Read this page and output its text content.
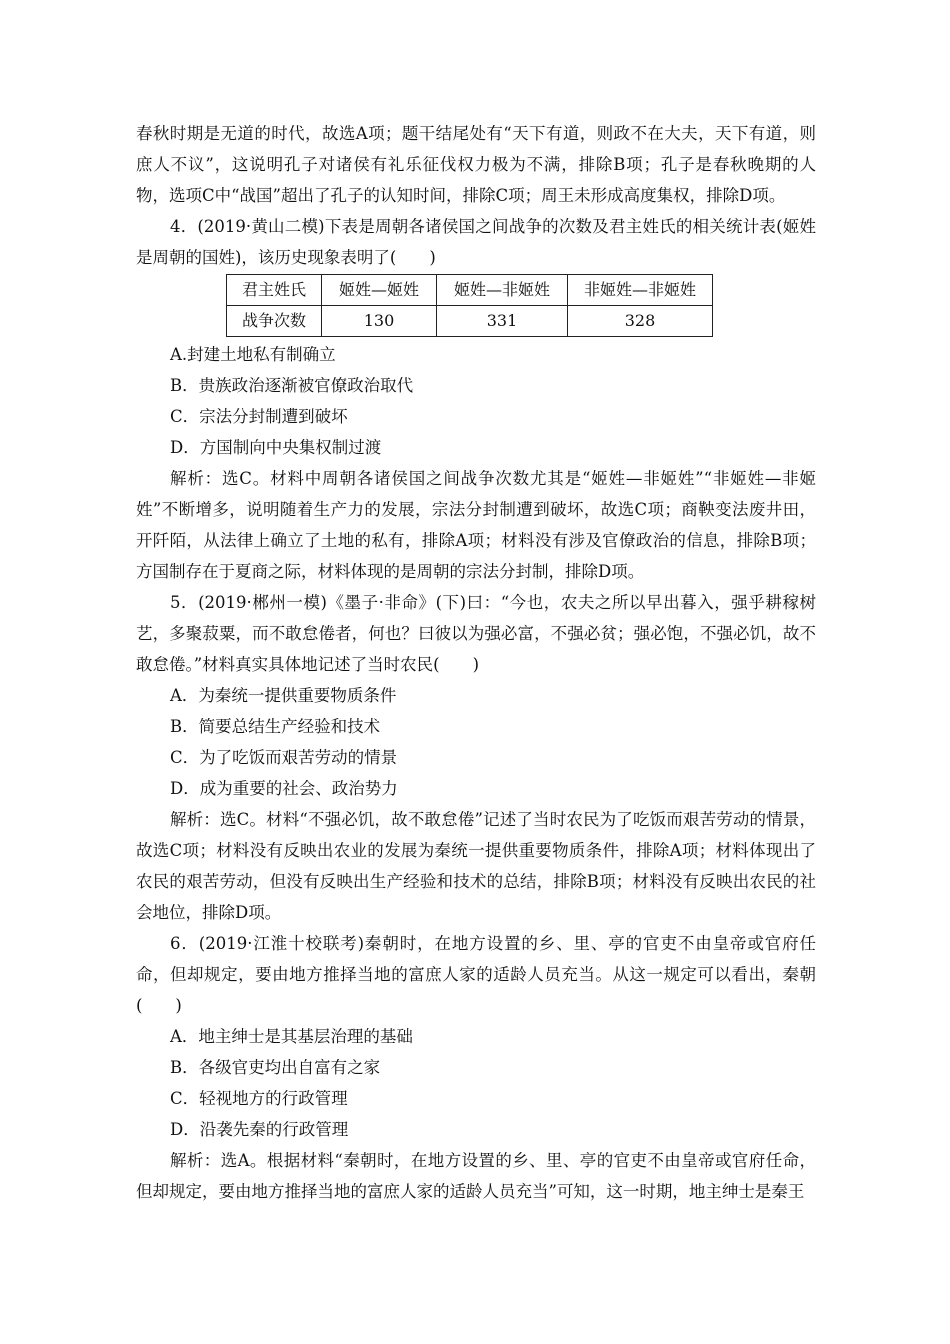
春秋时期是无道的时代，故选A项；题干结尾处有“天下有道，则政不在大夫，天下有道，则庶人不议”，这说明孔子对诸侯有礼乐征伐权力极为不满，排除B项；孔子是春秋晚期的人物，选项C中“战国”超出了孔子的认知时间，排除C项；周王未形成高度集权，排除D项。

4．(2019·黄山二模)下表是周朝各诸侯国之间战争的次数及君主姓氏的相关统计表(姬姓是周朝的国姓)，该历史现象表明了(　　)

君主姓氏	姬姓—姬姓	姬姓—非姬姓	非姬姓—非姬姓
战争次数	130	331	328

A.封建土地私有制确立

B．贵族政治逐渐被官僚政治取代

C．宗法分封制遭到破坏

D．方国制向中央集权制过渡

解析：选C。材料中周朝各诸侯国之间战争次数尤其是“姬姓—非姬姓”“非姬姓—非姬姓”不断增多，说明随着生产力的发展，宗法分封制遭到破坏，故选C项；商鞅变法废井田，开阡陌，从法律上确立了土地的私有，排除A项；材料没有涉及官僚政治的信息，排除B项；方国制存在于夏商之际，材料体现的是周朝的宗法分封制，排除D项。

5．(2019·郴州一模)《墨子·非命》(下)曰：“今也，农夫之所以早出暮入，强乎耕稼树艺，多聚菽粟，而不敢怠倦者，何也？曰彼以为强必富，不强必贫；强必饱，不强必饥，故不敢怠倦。”材料真实具体地记述了当时农民(　　)

A．为秦统一提供重要物质条件

B．简要总结生产经验和技术

C．为了吃饭而艰苦劳动的情景

D．成为重要的社会、政治势力

解析：选C。材料“不强必饥，故不敢怠倦”记述了当时农民为了吃饭而艰苦劳动的情景，故选C项；材料没有反映出农业的发展为秦统一提供重要物质条件，排除A项；材料体现出了农民的艰苦劳动，但没有反映出生产经验和技术的总结，排除B项；材料没有反映出农民的社会地位，排除D项。

6．(2019·江淮十校联考)秦朝时，在地方设置的乡、里、亭的官吏不由皇帝或官府任命，但却规定，要由地方推择当地的富庶人家的适龄人员充当。从这一规定可以看出，秦朝(　　)

A．地主绅士是其基层治理的基础

B．各级官吏均出自富有之家

C．轻视地方的行政管理

D．沿袭先秦的行政管理

解析：选A。根据材料“秦朝时，在地方设置的乡、里、亭的官吏不由皇帝或官府任命，但却规定，要由地方推择当地的富庶人家的适龄人员充当”可知，这一时期，地主绅士是秦王
